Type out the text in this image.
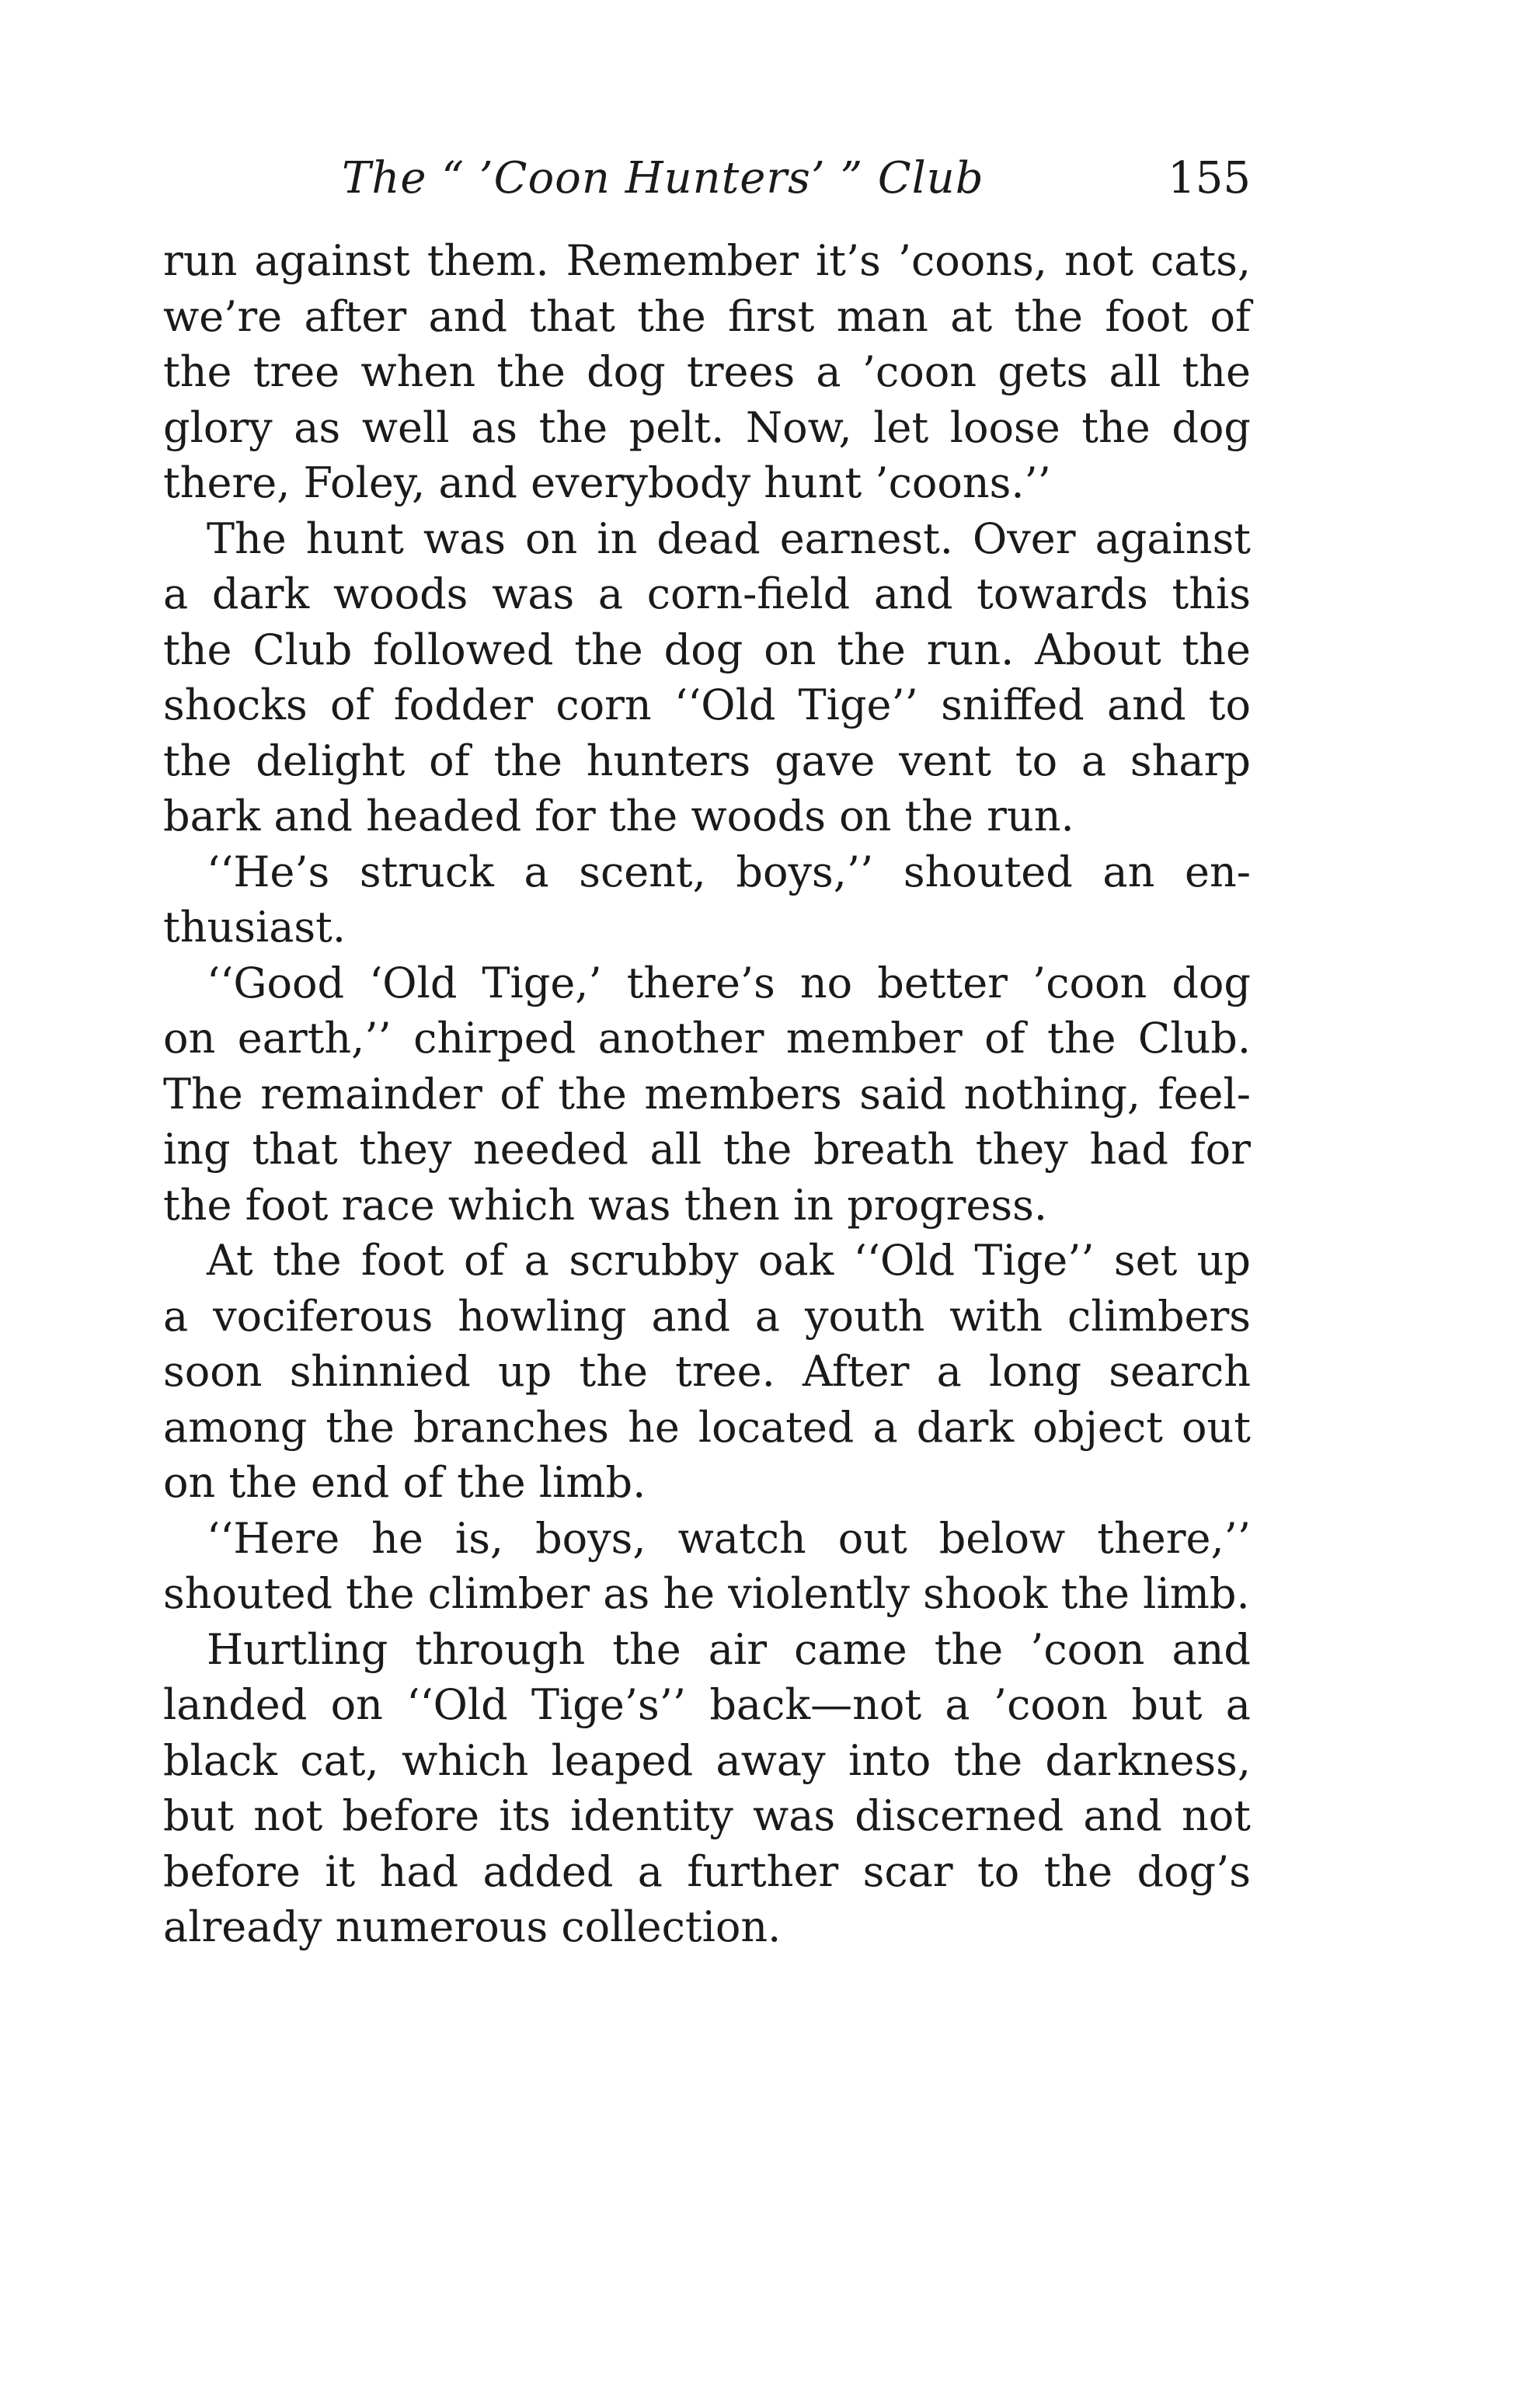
The “ ’Coon Hunters’ ” Club	155

run against them. Remember it’s ’coons, not cats,
we’re after and that the first man at the foot of
the tree when the dog trees a ’coon gets all the
glory as well as the pelt. Now, let loose the dog
there, Foley, and everybody hunt ’coons.’’

The hunt was on in dead earnest. Over against
a dark woods was a corn-field and towards this
the Club followed the dog on the run. About the
shocks of fodder corn ‘‘Old Tige’’ sniffed and to
the delight of the hunters gave vent to a sharp
bark and headed for the woods on the run.

‘‘He’s struck a scent, boys,’’ shouted an en-
thusiast.

‘‘Good ‘Old Tige,’ there’s no better ’coon dog
on earth,’’ chirped another member of the Club.
The remainder of the members said nothing, feel-
ing that they needed all the breath they had for
the foot race which was then in progress.

At the foot of a scrubby oak ‘‘Old Tige’’ set up
a vociferous howling and a youth with climbers
soon shinnied up the tree. After a long search
among the branches he located a dark object out
on the end of the limb.

‘‘Here he is, boys, watch out below there,’’
shouted the climber as he violently shook the limb.

Hurtling through the air came the ’coon and
landed on ‘‘Old Tige’s’’ back—not a ’coon but a
black cat, which leaped away into the darkness,
but not before its identity was discerned and not
before it had added a further scar to the dog’s
already numerous collection.
